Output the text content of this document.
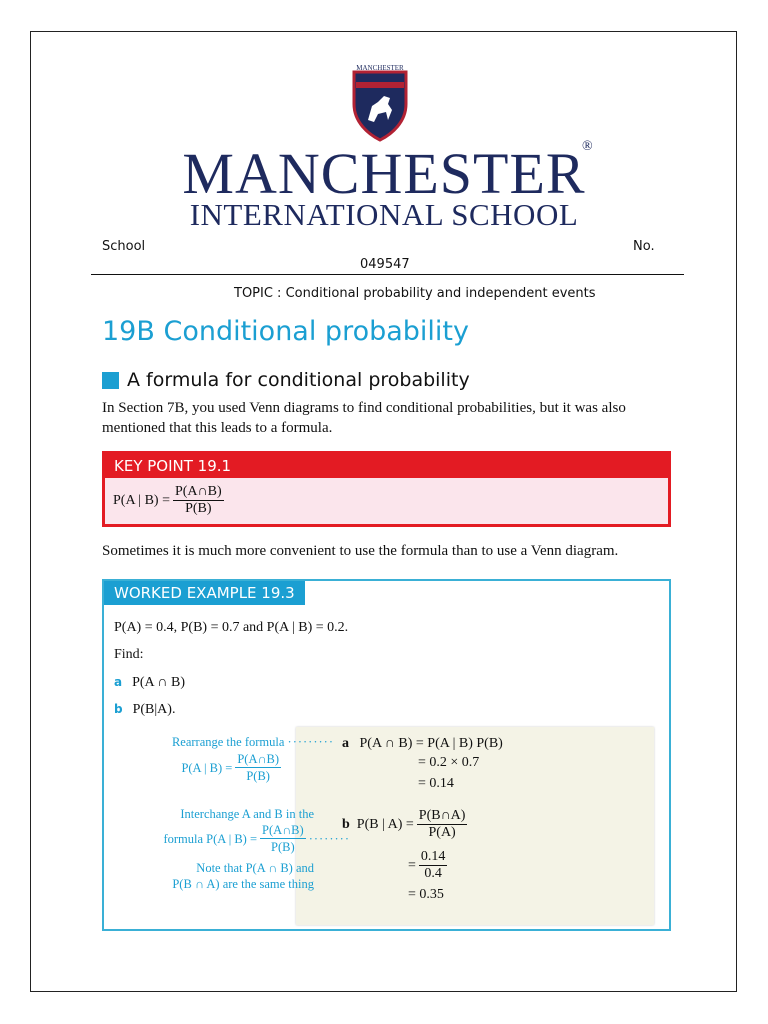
MANCHESTER
MANCHESTER
®
INTERNATIONAL SCHOOL
School	No.
049547
TOPIC : Conditional probability and independent events
19B Conditional probability
A formula for conditional probability
In Section 7B, you used Venn diagrams to find conditional probabilities, but it was also mentioned that this leads to a formula.
KEY POINT 19.1
P(A | $B) = \frac{P(A\cap B)}{P(B)}$
Sometimes it is much more convenient to use the formula than to use a Venn diagram.
WORKED EXAMPLE 19.3
P(A) = 0.4, P(B) = 0.7 and P(A | B) = 0.2.
Find:
a P(A ∩ B)
b P(B|A).
Rearrange the formula ·········
P(A | $B) = \frac{P(A\cap B)}{P(B)}$
Interchange A and B in the
formula P(A | $B) = \frac{P(A\cap B)}{P(B)}$ ········
Note that P(A ∩ B) and
P(B ∩ A) are the same thing
a P(A ∩ B) = P(A | B) P(B)
= 0.2 × 0.7
= 0.14
b
P(B | $A) = \frac{P(B\cap A)}{P(A)}$
= $\frac{0.14}{0.4}$
= 0.35
